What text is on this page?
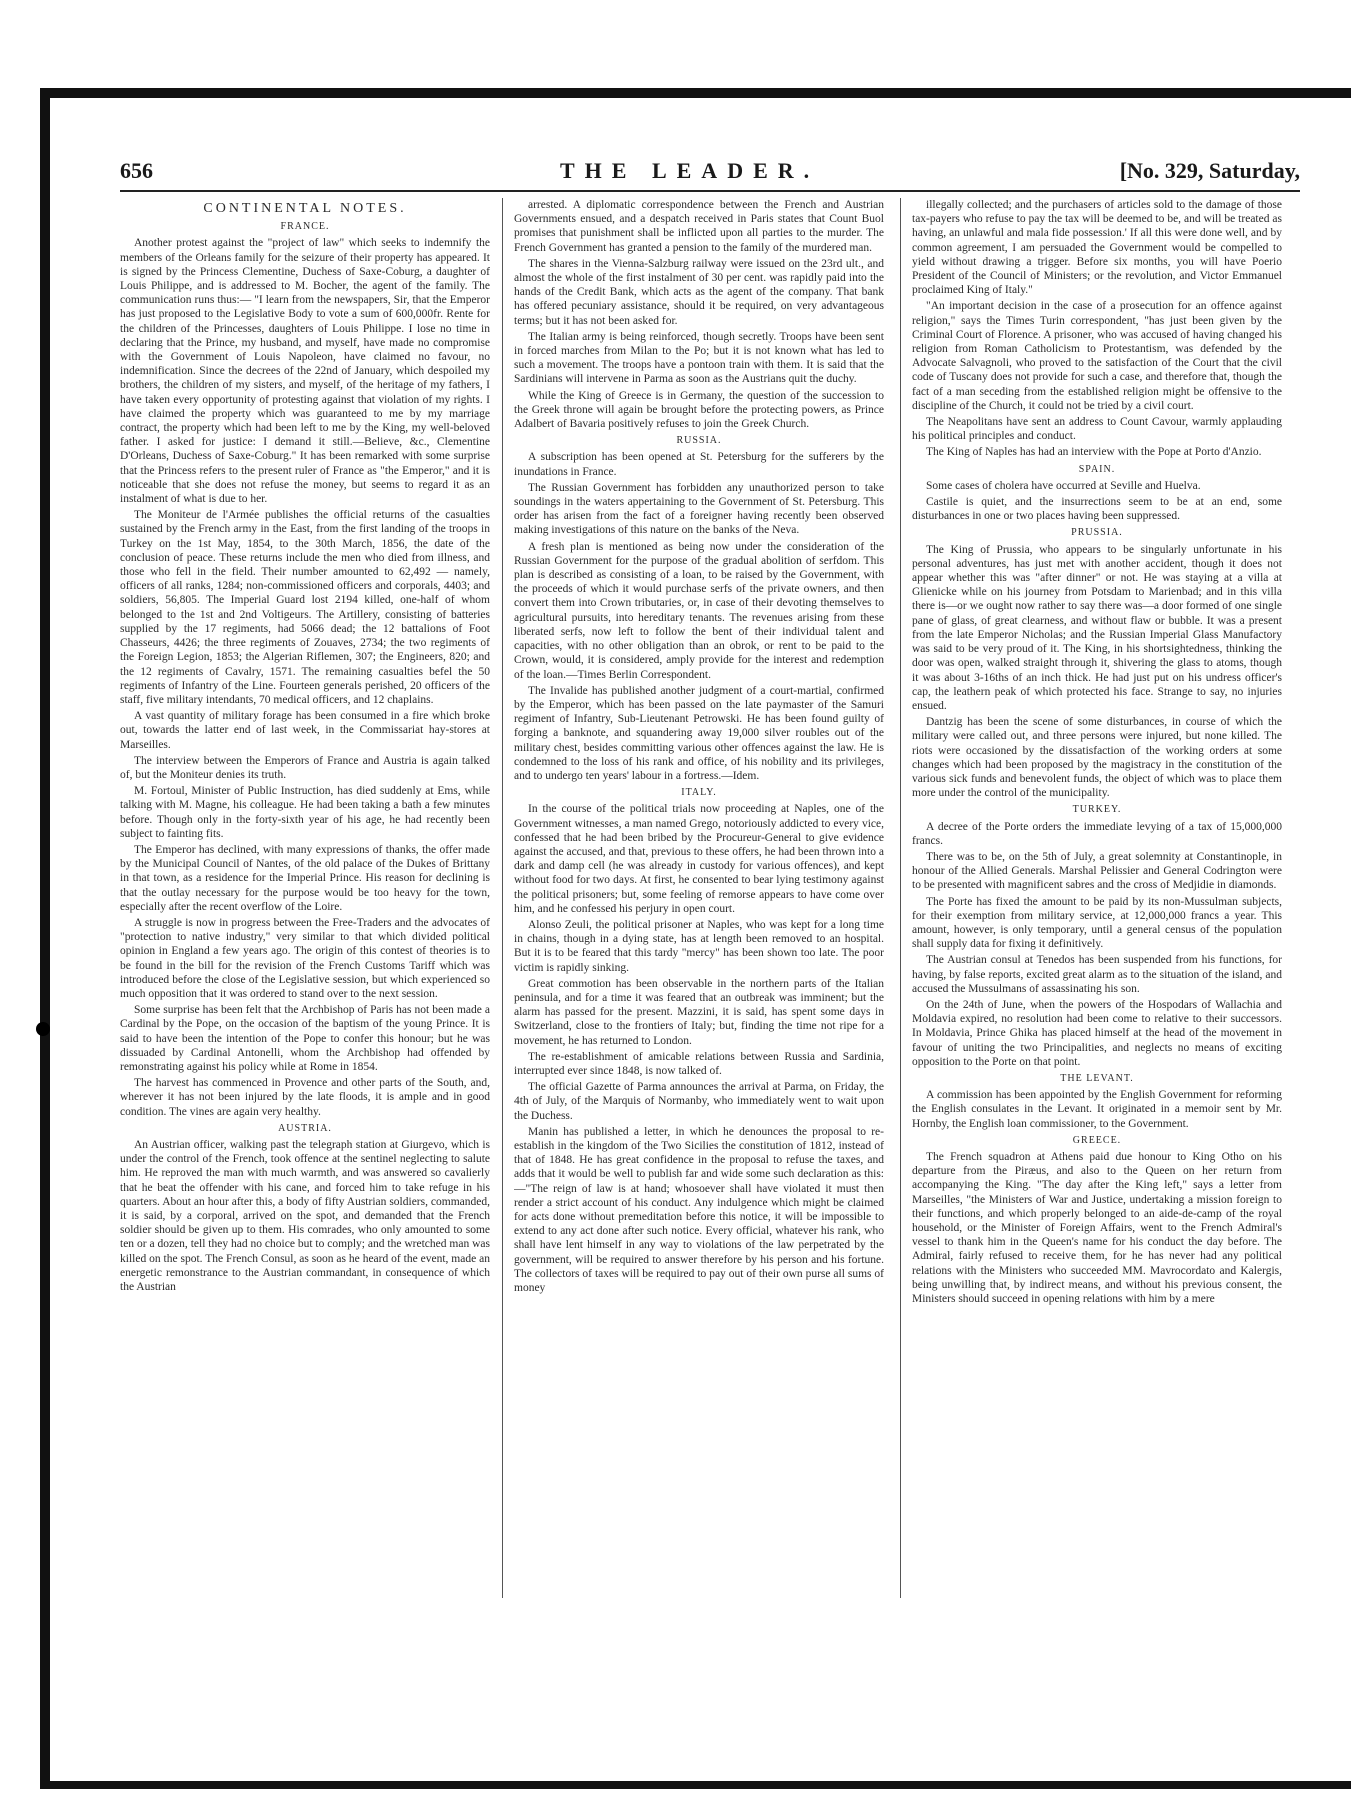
656	THE LEADER.	[No. 329, Saturday,
CONTINENTAL NOTES.
FRANCE.

Another protest against the "project of law" which seeks to indemnify the members of the Orleans family for the seizure of their property has appeared. It is signed by the Princess Clementine, Duchess of Saxe-Coburg, a daughter of Louis Philippe, and is addressed to M. Bocher, the agent of the family. The communication runs thus:— "I learn from the newspapers, Sir, that the Emperor has just proposed to the Legislative Body to vote a sum of 600,000fr. Rente for the children of the Princesses, daughters of Louis Philippe. I lose no time in declaring that the Prince, my husband, and myself, have made no compromise with the Government of Louis Napoleon, have claimed no favour, no indemnification. Since the decrees of the 22nd of January, which despoiled my brothers, the children of my sisters, and myself, of the heritage of my fathers, I have taken every opportunity of protesting against that violation of my rights. I have claimed the property which was guaranteed to me by my marriage contract, the property which had been left to me by the King, my well-beloved father. I asked for justice: I demand it still.—Believe, &c., Clementine D'Orleans, Duchess of Saxe-Coburg." It has been remarked with some surprise that the Princess refers to the present ruler of France as "the Emperor," and it is noticeable that she does not refuse the money, but seems to regard it as an instalment of what is due to her.

The Moniteur de l'Armée publishes the official returns of the casualties sustained by the French army in the East, from the first landing of the troops in Turkey on the 1st May, 1854, to the 30th March, 1856, the date of the conclusion of peace. These returns include the men who died from illness, and those who fell in the field. Their number amounted to 62,492 — namely, officers of all ranks, 1284; non-commissioned officers and corporals, 4403; and soldiers, 56,805. The Imperial Guard lost 2194 killed, one-half of whom belonged to the 1st and 2nd Voltigeurs. The Artillery, consisting of batteries supplied by the 17 regiments, had 5066 dead; the 12 battalions of Foot Chasseurs, 4426; the three regiments of Zouaves, 2734; the two regiments of the Foreign Legion, 1853; the Algerian Riflemen, 307; the Engineers, 820; and the 12 regiments of Cavalry, 1571. The remaining casualties befel the 50 regiments of Infantry of the Line. Fourteen generals perished, 20 officers of the staff, five military intendants, 70 medical officers, and 12 chaplains.

A vast quantity of military forage has been consumed in a fire which broke out, towards the latter end of last week, in the Commissariat hay-stores at Marseilles.

The interview between the Emperors of France and Austria is again talked of, but the Moniteur denies its truth.

M. Fortoul, Minister of Public Instruction, has died suddenly at Ems, while talking with M. Magne, his colleague. He had been taking a bath a few minutes before. Though only in the forty-sixth year of his age, he had recently been subject to fainting fits.

The Emperor has declined, with many expressions of thanks, the offer made by the Municipal Council of Nantes, of the old palace of the Dukes of Brittany in that town, as a residence for the Imperial Prince. His reason for declining is that the outlay necessary for the purpose would be too heavy for the town, especially after the recent overflow of the Loire.

A struggle is now in progress between the Free-Traders and the advocates of "protection to native industry," very similar to that which divided political opinion in England a few years ago. The origin of this contest of theories is to be found in the bill for the revision of the French Customs Tariff which was introduced before the close of the Legislative session, but which experienced so much opposition that it was ordered to stand over to the next session.

Some surprise has been felt that the Archbishop of Paris has not been made a Cardinal by the Pope, on the occasion of the baptism of the young Prince. It is said to have been the intention of the Pope to confer this honour; but he was dissuaded by Cardinal Antonelli, whom the Archbishop had offended by remonstrating against his policy while at Rome in 1854.

The harvest has commenced in Provence and other parts of the South, and, wherever it has not been injured by the late floods, it is ample and in good condition. The vines are again very healthy.

AUSTRIA.

An Austrian officer, walking past the telegraph station at Giurgevo, which is under the control of the French, took offence at the sentinel neglecting to salute him. He reproved the man with much warmth, and was answered so cavalierly that he beat the offender with his cane, and forced him to take refuge in his quarters. About an hour after this, a body of fifty Austrian soldiers, commanded, it is said, by a corporal, arrived on the spot, and demanded that the French soldier should be given up to them. His comrades, who only amounted to some ten or a dozen, tell they had no choice but to comply; and the wretched man was killed on the spot. The French Consul, as soon as he heard of the event, made an energetic remonstrance to the Austrian commandant, in consequence of which the Austrian

arrested. A diplomatic correspondence between the French and Austrian Governments ensued, and a despatch received in Paris states that Count Buol promises that punishment shall be inflicted upon all parties to the murder. The French Government has granted a pension to the family of the murdered man.

The shares in the Vienna-Salzburg railway were issued on the 23rd ult., and almost the whole of the first instalment of 30 per cent. was rapidly paid into the hands of the Credit Bank, which acts as the agent of the company. That bank has offered pecuniary assistance, should it be required, on very advantageous terms; but it has not been asked for.

The Italian army is being reinforced, though secretly. Troops have been sent in forced marches from Milan to the Po; but it is not known what has led to such a movement. The troops have a pontoon train with them. It is said that the Sardinians will intervene in Parma as soon as the Austrians quit the duchy.

While the King of Greece is in Germany, the question of the succession to the Greek throne will again be brought before the protecting powers, as Prince Adalbert of Bavaria positively refuses to join the Greek Church.

RUSSIA.

A subscription has been opened at St. Petersburg for the sufferers by the inundations in France.

The Russian Government has forbidden any unauthorized person to take soundings in the waters appertaining to the Government of St. Petersburg. This order has arisen from the fact of a foreigner having recently been observed making investigations of this nature on the banks of the Neva.

A fresh plan is mentioned as being now under the consideration of the Russian Government for the purpose of the gradual abolition of serfdom. This plan is described as consisting of a loan, to be raised by the Government, with the proceeds of which it would purchase serfs of the private owners, and then convert them into Crown tributaries, or, in case of their devoting themselves to agricultural pursuits, into hereditary tenants. The revenues arising from these liberated serfs, now left to follow the bent of their individual talent and capacities, with no other obligation than an obrok, or rent to be paid to the Crown, would, it is considered, amply provide for the interest and redemption of the loan.—Times Berlin Correspondent.

The Invalide has published another judgment of a court-martial, confirmed by the Emperor, which has been passed on the late paymaster of the Samuri regiment of Infantry, Sub-Lieutenant Petrowski. He has been found guilty of forging a banknote, and squandering away 19,000 silver roubles out of the military chest, besides committing various other offences against the law. He is condemned to the loss of his rank and office, of his nobility and its privileges, and to undergo ten years' labour in a fortress.—Idem.

ITALY.

In the course of the political trials now proceeding at Naples, one of the Government witnesses, a man named Grego, notoriously addicted to every vice, confessed that he had been bribed by the Procureur-General to give evidence against the accused, and that, previous to these offers, he had been thrown into a dark and damp cell (he was already in custody for various offences), and kept without food for two days. At first, he consented to bear lying testimony against the political prisoners; but, some feeling of remorse appears to have come over him, and he confessed his perjury in open court.

Alonso Zeuli, the political prisoner at Naples, who was kept for a long time in chains, though in a dying state, has at length been removed to an hospital. But it is to be feared that this tardy "mercy" has been shown too late. The poor victim is rapidly sinking.

Great commotion has been observable in the northern parts of the Italian peninsula, and for a time it was feared that an outbreak was imminent; but the alarm has passed for the present. Mazzini, it is said, has spent some days in Switzerland, close to the frontiers of Italy; but, finding the time not ripe for a movement, he has returned to London.

The re-establishment of amicable relations between Russia and Sardinia, interrupted ever since 1848, is now talked of.

The official Gazette of Parma announces the arrival at Parma, on Friday, the 4th of July, of the Marquis of Normanby, who immediately went to wait upon the Duchess.

Manin has published a letter, in which he denounces the proposal to re-establish in the kingdom of the Two Sicilies the constitution of 1812, instead of that of 1848. He has great confidence in the proposal to refuse the taxes, and adds that it would be well to publish far and wide some such declaration as this:—"The reign of law is at hand; whosoever shall have violated it must then render a strict account of his conduct. Any indulgence which might be claimed for acts done without premeditation before this notice, it will be impossible to extend to any act done after such notice. Every official, whatever his rank, who shall have lent himself in any way to violations of the law perpetrated by the government, will be required to answer therefore by his person and his fortune. The collectors of taxes will be required to pay out of their own purse all sums of money

illegally collected; and the purchasers of articles sold to the damage of those tax-payers who refuse to pay the tax will be deemed to be, and will be treated as having, an unlawful and mala fide possession.' If all this were done well, and by common agreement, I am persuaded the Government would be compelled to yield without drawing a trigger. Before six months, you will have Poerio President of the Council of Ministers; or the revolution, and Victor Emmanuel proclaimed King of Italy."

"An important decision in the case of a prosecution for an offence against religion," says the Times Turin correspondent, "has just been given by the Criminal Court of Florence. A prisoner, who was accused of having changed his religion from Roman Catholicism to Protestantism, was defended by the Advocate Salvagnoli, who proved to the satisfaction of the Court that the civil code of Tuscany does not provide for such a case, and therefore that, though the fact of a man seceding from the established religion might be offensive to the discipline of the Church, it could not be tried by a civil court.

The Neapolitans have sent an address to Count Cavour, warmly applauding his political principles and conduct.

The King of Naples has had an interview with the Pope at Porto d'Anzio.

SPAIN.

Some cases of cholera have occurred at Seville and Huelva.

Castile is quiet, and the insurrections seem to be at an end, some disturbances in one or two places having been suppressed.

PRUSSIA.

The King of Prussia, who appears to be singularly unfortunate in his personal adventures, has just met with another accident, though it does not appear whether this was "after dinner" or not. He was staying at a villa at Glienicke while on his journey from Potsdam to Marienbad; and in this villa there is—or we ought now rather to say there was—a door formed of one single pane of glass, of great clearness, and without flaw or bubble. It was a present from the late Emperor Nicholas; and the Russian Imperial Glass Manufactory was said to be very proud of it. The King, in his shortsightedness, thinking the door was open, walked straight through it, shivering the glass to atoms, though it was about 3-16ths of an inch thick. He had just put on his undress officer's cap, the leathern peak of which protected his face. Strange to say, no injuries ensued.

Dantzig has been the scene of some disturbances, in course of which the military were called out, and three persons were injured, but none killed. The riots were occasioned by the dissatisfaction of the working orders at some changes which had been proposed by the magistracy in the constitution of the various sick funds and benevolent funds, the object of which was to place them more under the control of the municipality.

TURKEY.

A decree of the Porte orders the immediate levying of a tax of 15,000,000 francs.

There was to be, on the 5th of July, a great solemnity at Constantinople, in honour of the Allied Generals. Marshal Pelissier and General Codrington were to be presented with magnificent sabres and the cross of Medjidie in diamonds.

The Porte has fixed the amount to be paid by its non-Mussulman subjects, for their exemption from military service, at 12,000,000 francs a year. This amount, however, is only temporary, until a general census of the population shall supply data for fixing it definitively.

The Austrian consul at Tenedos has been suspended from his functions, for having, by false reports, excited great alarm as to the situation of the island, and accused the Mussulmans of assassinating his son.

On the 24th of June, when the powers of the Hospodars of Wallachia and Moldavia expired, no resolution had been come to relative to their successors. In Moldavia, Prince Ghika has placed himself at the head of the movement in favour of uniting the two Principalities, and neglects no means of exciting opposition to the Porte on that point.

THE LEVANT.

A commission has been appointed by the English Government for reforming the English consulates in the Levant. It originated in a memoir sent by Mr. Hornby, the English loan commissioner, to the Government.

GREECE.

The French squadron at Athens paid due honour to King Otho on his departure from the Piræus, and also to the Queen on her return from accompanying the King. "The day after the King left," says a letter from Marseilles, "the Ministers of War and Justice, undertaking a mission foreign to their functions, and which properly belonged to an aide-de-camp of the royal household, or the Minister of Foreign Affairs, went to the French Admiral's vessel to thank him in the Queen's name for his conduct the day before. The Admiral, fairly refused to receive them, for he has never had any political relations with the Ministers who succeeded MM. Mavrocordato and Kalergis, being unwilling that, by indirect means, and without his previous consent, the Ministers should succeed in opening relations with him by a mere
